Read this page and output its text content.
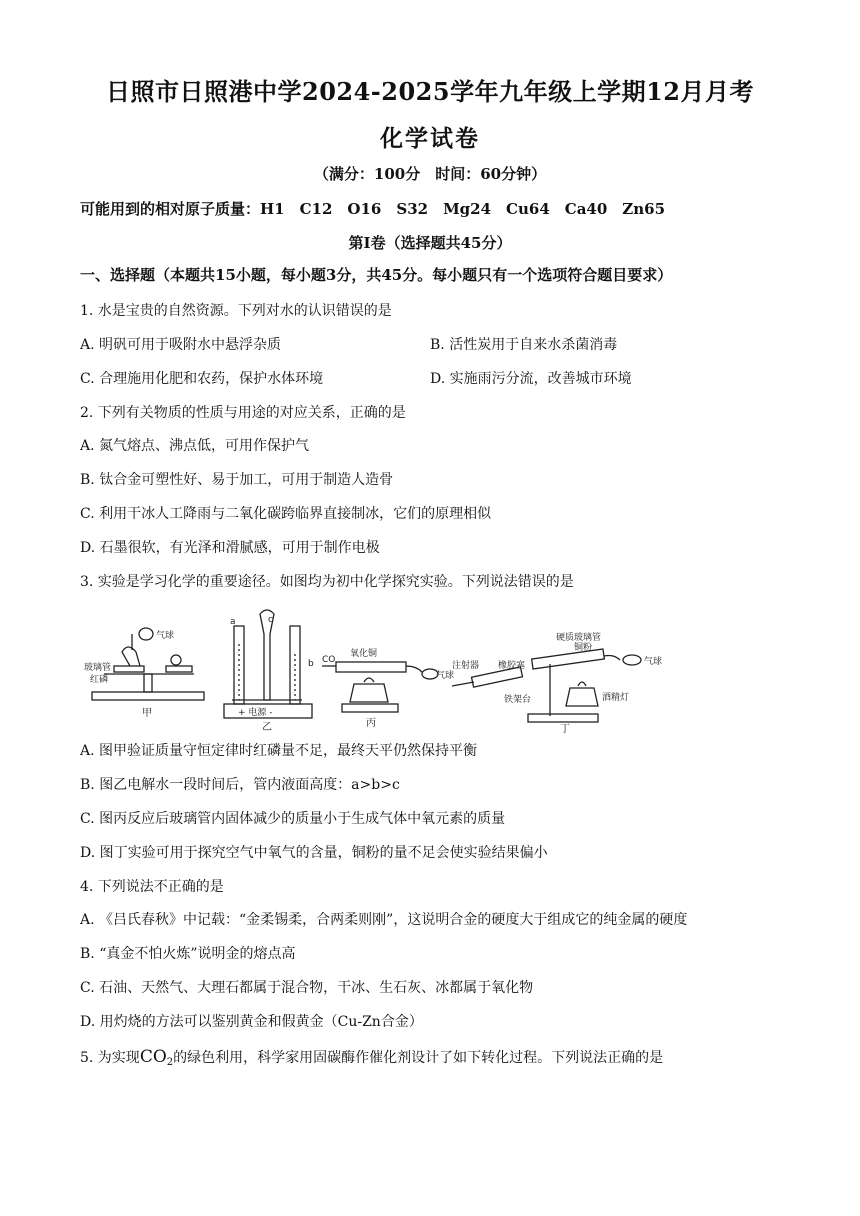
日照市日照港中学2024-2025学年九年级上学期12月月考
化学试卷
（满分：100分　时间：60分钟）
可能用到的相对原子质量：H1　C12　O16　S32　Mg24　Cu64　Ca40　Zn65
第Ⅰ卷（选择题共45分）
一、选择题（本题共15小题，每小题3分，共45分。每小题只有一个选项符合题目要求）
1. 水是宝贵的自然资源。下列对水的认识错误的是
A. 明矾可用于吸附水中悬浮杂质	B. 活性炭用于自来水杀菌消毒
C. 合理施用化肥和农药，保护水体环境	D. 实施雨污分流，改善城市环境
2. 下列有关物质的性质与用途的对应关系，正确的是
A. 氮气熔点、沸点低，可用作保护气
B. 钛合金可塑性好、易于加工，可用于制造人造骨
C. 利用干冰人工降雨与二氧化碳跨临界直接制冰，它们的原理相似
D. 石墨很软，有光泽和滑腻感，可用于制作电极
3. 实验是学习化学的重要途径。如图均为初中化学探究实验。下列说法错误的是
玻璃管
红磷
气球
甲
a
b
c
+ 电源 -
乙
CO
氧化铜
气球
丙
注射器 橡胶塞
硬质玻璃管
铜粉
铁架台	酒精灯
气球
丁
A. 图甲验证质量守恒定律时红磷量不足，最终天平仍然保持平衡
B. 图乙电解水一段时间后，管内液面高度：a>b>c
C. 图丙反应后玻璃管内固体减少的质量小于生成气体中氧元素的质量
D. 图丁实验可用于探究空气中氧气的含量，铜粉的量不足会使实验结果偏小
4. 下列说法不正确的是
A. 《吕氏春秋》中记载：“金柔锡柔，合两柔则刚”，这说明合金的硬度大于组成它的纯金属的硬度
B. “真金不怕火炼”说明金的熔点高
C. 石油、天然气、大理石都属于混合物，干冰、生石灰、冰都属于氧化物
D. 用灼烧的方法可以鉴别黄金和假黄金（Cu-Zn合金）
5. 为实现$CO_2$的绿色利用，科学家用固碳酶作催化剂设计了如下转化过程。下列说法正确的是
